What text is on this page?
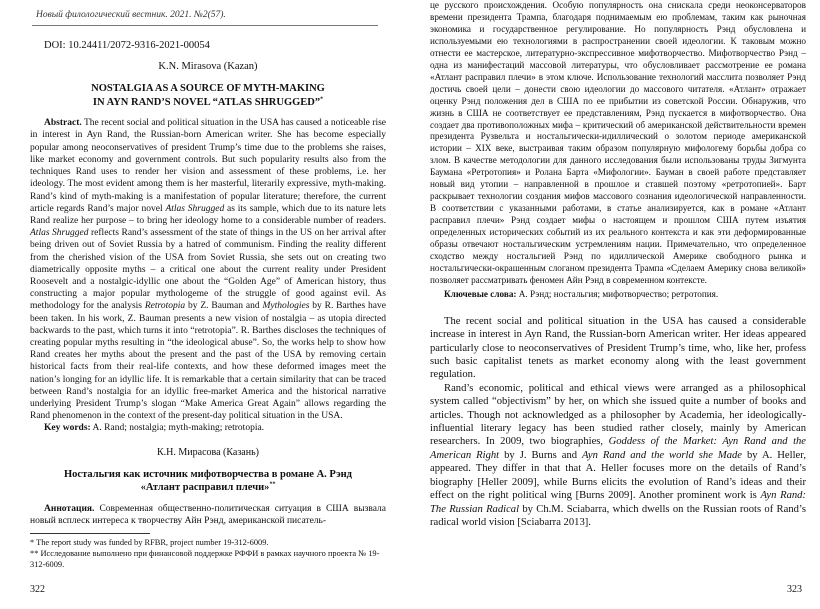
Новый филологический вестник. 2021. №2(57).
DOI: 10.24411/2072-9316-2021-00054
K.N. Mirasova (Kazan)
NOSTALGIA AS A SOURCE OF MYTH-MAKING
IN AYN RAND’S NOVEL “ATLAS SHRUGGED”*

Abstract. The recent social and political situation in the USA has caused a noticeable rise in interest in Ayn Rand, the Russian-born American writer. She has become especially popular among neoconservatives of president Trump’s time due to the problems she raises, like market economy and government controls. But such popularity results also from the techniques Rand uses to render her vision and assessment of these problems, i.e. her ideology. The most evident among them is her masterful, literarily expressive, myth-making. Rand’s kind of myth-making is a manifestation of popular literature; therefore, the current article regards Rand’s major novel Atlas Shrugged as its sample, which due to its nature lets Rand realize her purpose – to bring her ideology home to a considerable number of readers. Atlas Shrugged reflects Rand’s assessment of the state of things in the US on her arrival after being driven out of Soviet Russia by a hatred of communism. Finding the reality different from the cherished vision of the USA from Soviet Russia, she sets out on creating two diametrically opposite myths – a critical one about the current reality under President Roosevelt and a nostalgic-idyllic one about the “Golden Age” of American history, thus constructing a major popular mythologeme of the struggle of good against evil. As methodology for the analysis Retrotopia by Z. Bauman and Mythologies by R. Barthes have been taken. In his work, Z. Bauman presents a new vision of nostalgia – as utopia directed backwards to the past, which turns it into “retrotopia”. R. Barthes discloses the techniques of creating popular myths resulting in “the ideological abuse”. So, the works help to show how Rand creates her myths about the present and the past of the USA by removing certain historical facts from their real-life contexts, and how these deformed images meet the nation’s longing for an idyllic life. It is remarkable that a certain similarity that can be traced between Rand’s nostalgia for an idyllic free-market America and the historical narrative underlying President Trump’s slogan “Make America Great Again” allows regarding the Rand phenomenon in the context of the present-day political situation in the USA.

Key words: A. Rand; nostalgia; myth-making; retrotopia.

К.Н. Мирасова (Казань)
Ностальгия как источник мифотворчества в романе А. Рэнд
«Атлант расправил плечи»**

Аннотация. Современная общественно-политическая ситуация в США вызвала новый всплеск интереса к творчеству Айн Рэнд, американской писатель-

* The report study was funded by RFBR, project number 19-312-6009.
** Исследование выполнено при финансовой поддержке РФФИ в рамках научного проекта № 19-312-6009.
322

це русского происхождения. Особую популярность она снискала среди неоконсерваторов времени президента Трампа, благодаря поднимаемым ею проблемам, таким как рыночная экономика и государственное регулирование. Но популярность Рэнд обусловлена и используемыми ею технологиями в распространении своей идеологии. К таковым можно отнести ее мастерское, литературно-экспрессивное мифотворчество. Мифотворчество Рэнд – одна из манифестаций массовой литературы, что обусловливает рассмотрение ее романа «Атлант расправил плечи» в этом ключе. Использование технологий масслита позволяет Рэнд достичь своей цели – донести свою идеологии до массового читателя. «Атлант» отражает оценку Рэнд положения дел в США по ее прибытии из советской России. Обнаружив, что жизнь в США не соответствует ее представлениям, Рэнд пускается в мифотворчество. Она создает два противоположных мифа – критический об американской действительности времен президента Рузвельта и ностальгически-идиллический о золотом периоде американской истории – XIX веке, выстраивая таким образом популярную мифологему борьбы добра со злом. В качестве методологии для данного исследования были использованы труды Зигмунта Баумана «Ретротопия» и Ролана Барта «Мифологии». Бауман в своей работе представляет новый вид утопии – направленной в прошлое и ставшей поэтому «ретротопией». Барт раскрывает технологии создания мифов массового сознания идеологической направленности. В соответствии с указанными работами, в статье анализируется, как в романе «Атлант расправил плечи» Рэнд создает мифы о настоящем и прошлом США путем изъятия определенных исторических событий из их реального контекста и как эти деформированные образы отвечают ностальгическим устремлениям нации. Примечательно, что определенное сходство между ностальгией Рэнд по идиллической Америке свободного рынка и ностальгически-окрашенным слоганом президента Трампа «Сделаем Америку снова великой» позволяет рассматривать феномен Айн Рэнд в современном контексте.

Ключевые слова: А. Рэнд; ностальгия; мифотворчество; ретротопия.

The recent social and political situation in the USA has caused a considerable increase in interest in Ayn Rand, the Russian-born American writer. Her ideas appeared particularly close to neoconservatives of President Trump’s time, who, like her, profess such basic capitalist tenets as market economy along with the least government regulation.

Rand’s economic, political and ethical views were arranged as a philosophical system called “objectivism” by her, on which she issued quite a number of books and articles. Though not acknowledged as a philosopher by Academia, her ideologically-influential literary legacy has been studied rather closely, mainly by American researchers. In 2009, two biographies, Goddess of the Market: Ayn Rand and the American Right by J. Burns and Ayn Rand and the world she Made by A. Heller, appeared. They differ in that that A. Heller focuses more on the details of Rand’s biography [Heller 2009], while Burns elicits the evolution of Rand’s ideas and their effect on the right political wing [Burns 2009]. Another prominent work is Ayn Rand: The Russian Radical by Ch.M. Sciabarra, which dwells on the Russian roots of Rand’s radical world vision [Sciabarra 2013].

323
